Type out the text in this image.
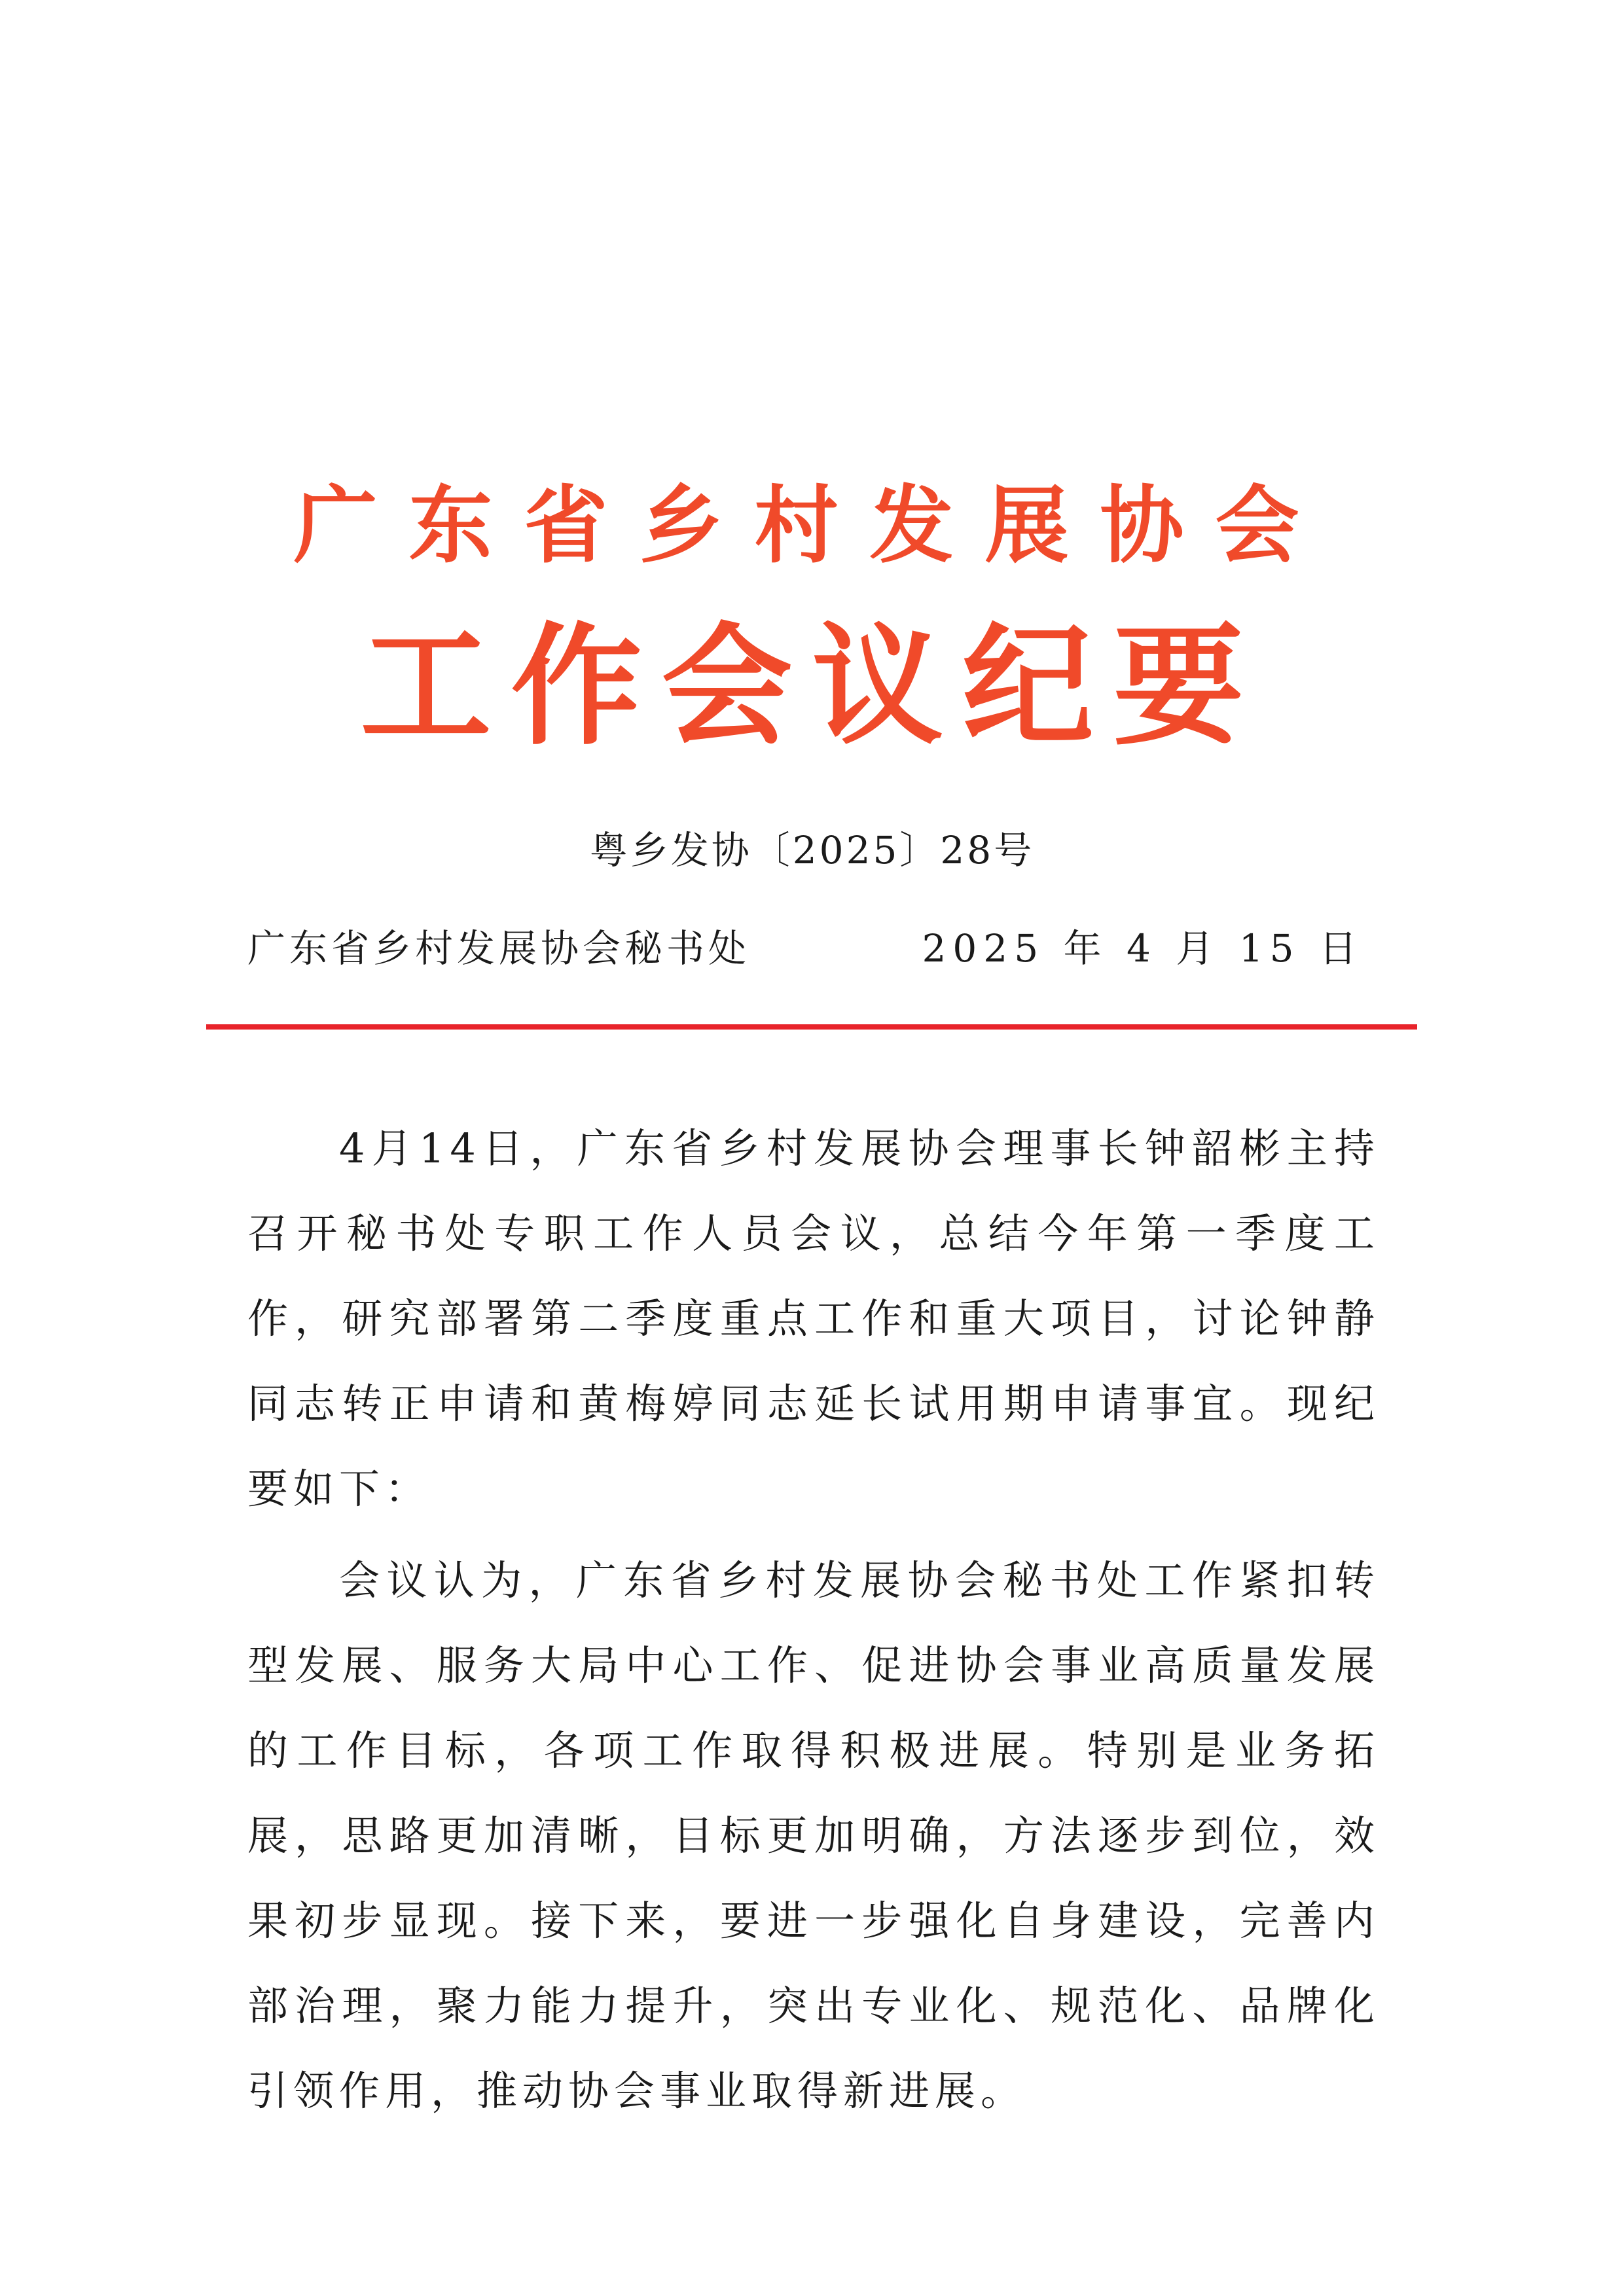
广东省乡村发展协会
工作会议纪要
粤乡发协〔2025〕28号
广东省乡村发展协会秘书处	2025 年 4 月 15 日

4月14日，广东省乡村发展协会理事长钟韶彬主持召开秘书处专职工作人员会议，总结今年第一季度工作，研究部署第二季度重点工作和重大项目，讨论钟静同志转正申请和黄梅婷同志延长试用期申请事宜。现纪要如下：

会议认为，广东省乡村发展协会秘书处工作紧扣转型发展、服务大局中心工作、促进协会事业高质量发展的工作目标，各项工作取得积极进展。特别是业务拓展，思路更加清晰，目标更加明确，方法逐步到位，效果初步显现。接下来，要进一步强化自身建设，完善内部治理，聚力能力提升，突出专业化、规范化、品牌化引领作用，推动协会事业取得新进展。
